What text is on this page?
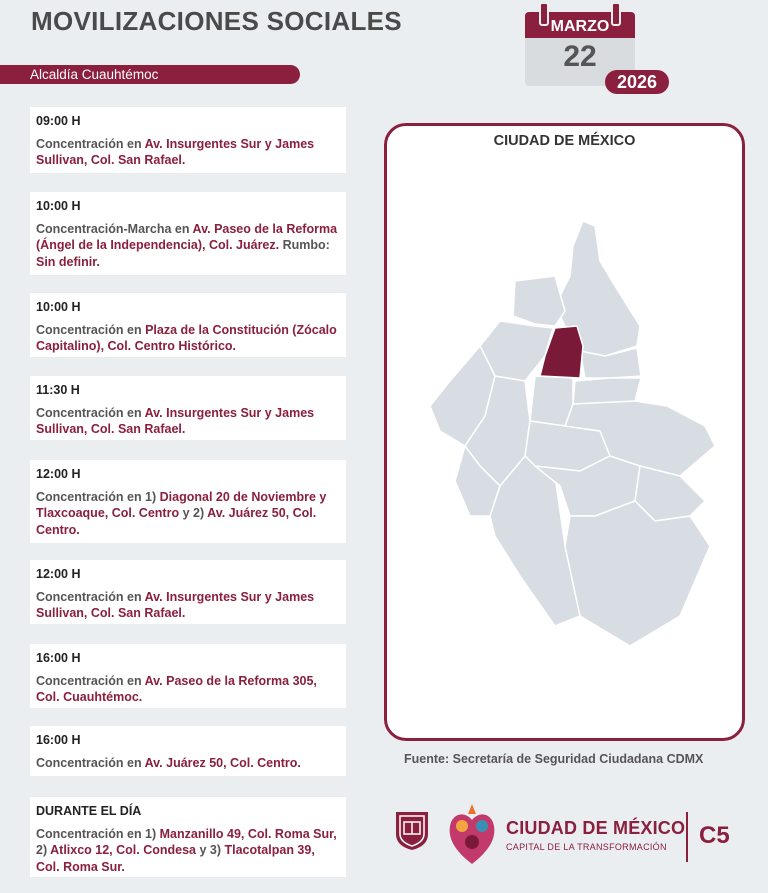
MOVILIZACIONES SOCIALES
Alcaldía Cuauhtémoc
MARZO
22
2026
09:00 H
Concentración en Av. Insurgentes Sur y James Sullivan, Col. San Rafael.
10:00 H
Concentración-Marcha en Av. Paseo de la Reforma (Ángel de la Independencia), Col. Juárez. Rumbo: Sin definir.
10:00 H
Concentración en Plaza de la Constitución (Zócalo Capitalino), Col. Centro Histórico.
11:30 H
Concentración en Av. Insurgentes Sur y James Sullivan, Col. San Rafael.
12:00 H
Concentración en 1) Diagonal 20 de Noviembre y Tlaxcoaque, Col. Centro y 2) Av. Juárez 50, Col. Centro.
12:00 H
Concentración en Av. Insurgentes Sur y James Sullivan, Col. San Rafael.
16:00 H
Concentración en Av. Paseo de la Reforma 305, Col. Cuauhtémoc.
16:00 H
Concentración en Av. Juárez 50, Col. Centro.
DURANTE EL DÍA
Concentración en 1) Manzanillo 49, Col. Roma Sur, 2) Atlixco 12, Col. Condesa y 3) Tlacotalpan 39, Col. Roma Sur.
CIUDAD DE MÉXICO
Fuente: Secretaría de Seguridad Ciudadana CDMX
CIUDAD DE MÉXICO
CAPITAL DE LA TRANSFORMACIÓN C5
